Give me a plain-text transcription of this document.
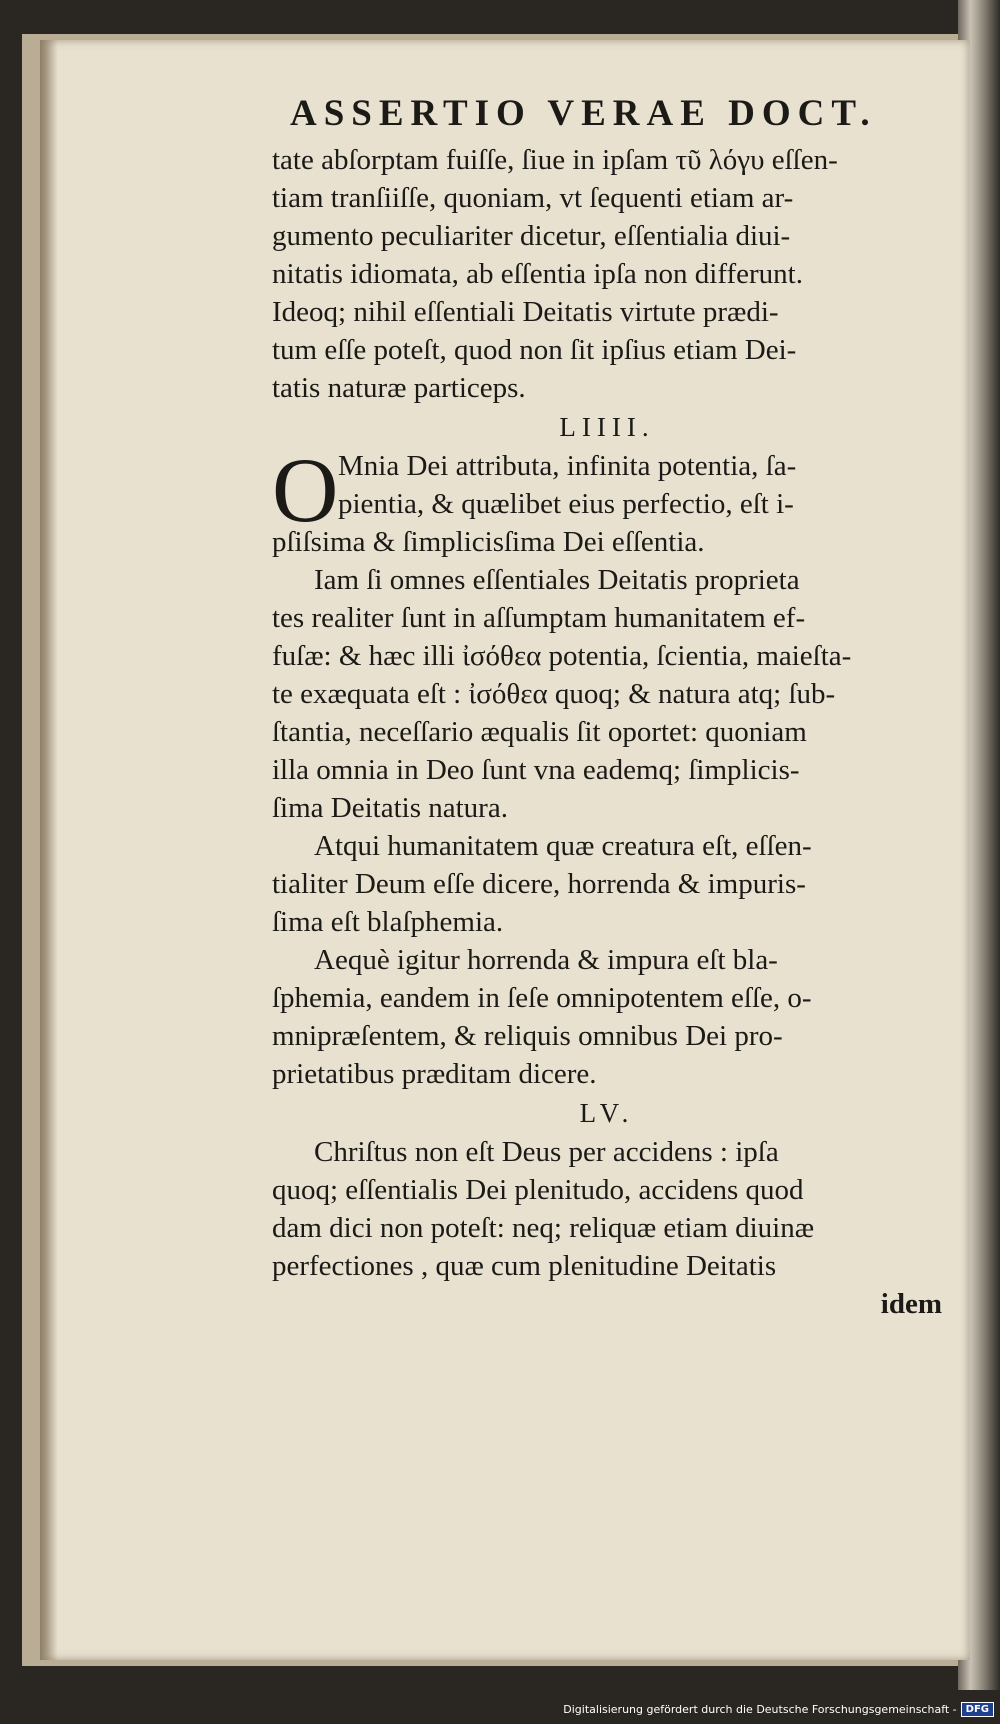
ASSERTIO VERAE DOCT.
tate abſorptam fuiſſe, ſiue in ipſam τῦ λόγυ eſſen-
tiam tranſiiſſe, quoniam, vt ſequenti etiam ar-
gumento peculiariter dicetur, eſſentialia diui-
nitatis idiomata, ab eſſentia ipſa non differunt.
Ideoq; nihil eſſentiali Deitatis virtute prædi-
tum eſſe poteſt, quod non ſit ipſius etiam Dei-
tatis naturæ particeps.
LIIII.
O Mnia Dei attributa, infinita potentia, ſa-
pientia, & quælibet eius perfectio, eſt i-
pſiſsima & ſimplicisſima Dei eſſentia.
Iam ſi omnes eſſentiales Deitatis proprieta
tes realiter ſunt in aſſumptam humanitatem ef-
fuſæ: & hæc illi ἰσόθεα potentia, ſcientia, maieſta-
te exæquata eſt : ἰσόθεα quoq; & natura atq; ſub-
ſtantia, neceſſario æqualis ſit oportet: quoniam
illa omnia in Deo ſunt vna eademq; ſimplicis-
ſima Deitatis natura.
Atqui humanitatem quæ creatura eſt, eſſen-
tialiter Deum eſſe dicere, horrenda & impuris-
ſima eſt blaſphemia.
Aequè igitur horrenda & impura eſt bla-
ſphemia, eandem in ſeſe omnipotentem eſſe, o-
mnipræſentem, & reliquis omnibus Dei pro-
prietatibus præditam dicere.
LV.
Chriſtus non eſt Deus per accidens : ipſa
quoq; eſſentialis Dei plenitudo, accidens quod
dam dici non poteſt: neq; reliquæ etiam diuinæ
perfectiones , quæ cum plenitudine Deitatis
idem
Digitalisierung gefördert durch die Deutsche Forschungsgemeinschaft - DFG
